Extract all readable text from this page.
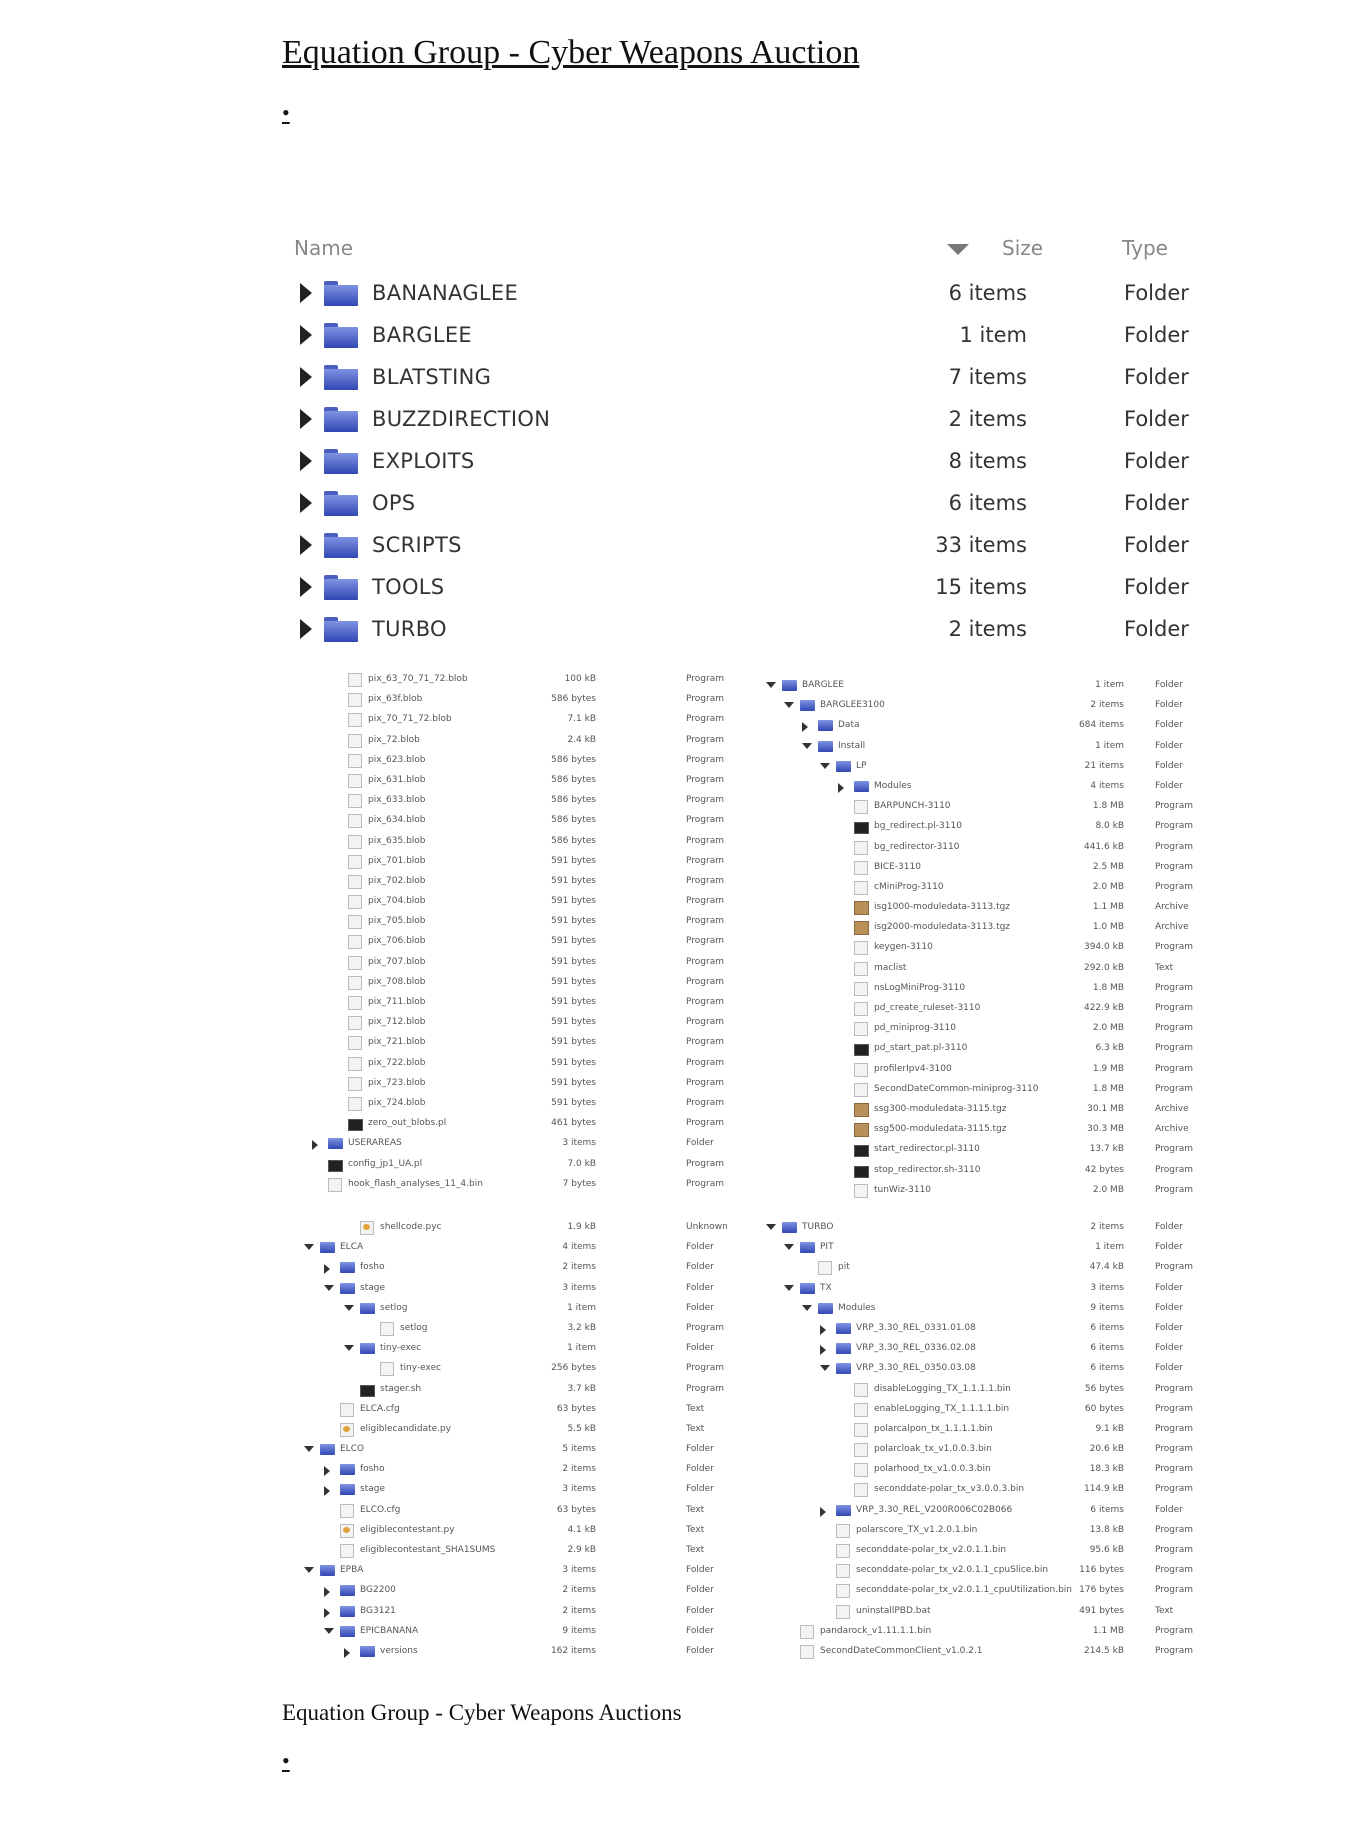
Equation Group - Cyber Weapons Auction
•
Name	Size	Type
BANANAGLEE	6 items	Folder
BARGLEE	1 item	Folder
BLATSTING	7 items	Folder
BUZZDIRECTION	2 items	Folder
EXPLOITS	8 items	Folder
OPS	6 items	Folder
SCRIPTS	33 items	Folder
TOOLS	15 items	Folder
TURBO	2 items	Folder
pix_63_70_71_72.blob	100 kB	Program
pix_63f.blob	586 bytes	Program
pix_70_71_72.blob	7.1 kB	Program
pix_72.blob	2.4 kB	Program
pix_623.blob	586 bytes	Program
pix_631.blob	586 bytes	Program
pix_633.blob	586 bytes	Program
pix_634.blob	586 bytes	Program
pix_635.blob	586 bytes	Program
pix_701.blob	591 bytes	Program
pix_702.blob	591 bytes	Program
pix_704.blob	591 bytes	Program
pix_705.blob	591 bytes	Program
pix_706.blob	591 bytes	Program
pix_707.blob	591 bytes	Program
pix_708.blob	591 bytes	Program
pix_711.blob	591 bytes	Program
pix_712.blob	591 bytes	Program
pix_721.blob	591 bytes	Program
pix_722.blob	591 bytes	Program
pix_723.blob	591 bytes	Program
pix_724.blob	591 bytes	Program
zero_out_blobs.pl	461 bytes	Program
USERAREAS	3 items	Folder
config_jp1_UA.pl	7.0 kB	Program
hook_flash_analyses_11_4.bin	7 bytes	Program
BARGLEE	1 item	Folder
BARGLEE3100	2 items	Folder
Data	684 items	Folder
Install	1 item	Folder
LP	21 items	Folder
Modules	4 items	Folder
BARPUNCH-3110	1.8 MB	Program
bg_redirect.pl-3110	8.0 kB	Program
bg_redirector-3110	441.6 kB	Program
BICE-3110	2.5 MB	Program
cMiniProg-3110	2.0 MB	Program
isg1000-moduledata-3113.tgz	1.1 MB	Archive
isg2000-moduledata-3113.tgz	1.0 MB	Archive
keygen-3110	394.0 kB	Program
maclist	292.0 kB	Text
nsLogMiniProg-3110	1.8 MB	Program
pd_create_ruleset-3110	422.9 kB	Program
pd_miniprog-3110	2.0 MB	Program
pd_start_pat.pl-3110	6.3 kB	Program
profilerIpv4-3100	1.9 MB	Program
SecondDateCommon-miniprog-3110	1.8 MB	Program
ssg300-moduledata-3115.tgz	30.1 MB	Archive
ssg500-moduledata-3115.tgz	30.3 MB	Archive
start_redirector.pl-3110	13.7 kB	Program
stop_redirector.sh-3110	42 bytes	Program
tunWiz-3110	2.0 MB	Program
shellcode.pyc	1.9 kB	Unknown
ELCA	4 items	Folder
fosho	2 items	Folder
stage	3 items	Folder
setlog	1 item	Folder
setlog	3.2 kB	Program
tiny-exec	1 item	Folder
tiny-exec	256 bytes	Program
stager.sh	3.7 kB	Program
ELCA.cfg	63 bytes	Text
eligiblecandidate.py	5.5 kB	Text
ELCO	5 items	Folder
fosho	2 items	Folder
stage	3 items	Folder
ELCO.cfg	63 bytes	Text
eligiblecontestant.py	4.1 kB	Text
eligiblecontestant_SHA1SUMS	2.9 kB	Text
EPBA	3 items	Folder
BG2200	2 items	Folder
BG3121	2 items	Folder
EPICBANANA	9 items	Folder
versions	162 items	Folder
TURBO	2 items	Folder
PIT	1 item	Folder
pit	47.4 kB	Program
TX	3 items	Folder
Modules	9 items	Folder
VRP_3.30_REL_0331.01.08	6 items	Folder
VRP_3.30_REL_0336.02.08	6 items	Folder
VRP_3.30_REL_0350.03.08	6 items	Folder
disableLogging_TX_1.1.1.1.bin	56 bytes	Program
enableLogging_TX_1.1.1.1.bin	60 bytes	Program
polarcalpon_tx_1.1.1.1.bin	9.1 kB	Program
polarcloak_tx_v1.0.0.3.bin	20.6 kB	Program
polarhood_tx_v1.0.0.3.bin	18.3 kB	Program
seconddate-polar_tx_v3.0.0.3.bin	114.9 kB	Program
VRP_3.30_REL_V200R006C02B066	6 items	Folder
polarscore_TX_v1.2.0.1.bin	13.8 kB	Program
seconddate-polar_tx_v2.0.1.1.bin	95.6 kB	Program
seconddate-polar_tx_v2.0.1.1_cpuSlice.bin	116 bytes	Program
seconddate-polar_tx_v2.0.1.1_cpuUtilization.bin 176 bytes	Program
uninstallPBD.bat	491 bytes	Text
pandarock_v1.11.1.1.bin	1.1 MB	Program
SecondDateCommonClient_v1.0.2.1	214.5 kB	Program
Equation Group - Cyber Weapons Auctions
•
